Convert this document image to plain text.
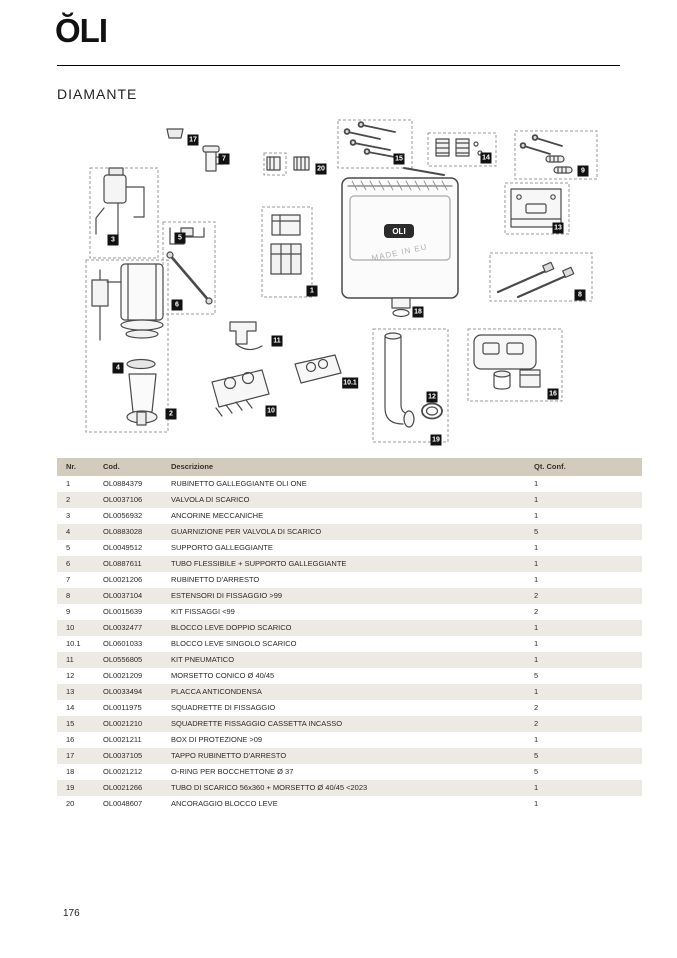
ŎLI
DIAMANTE
OLI
MADE IN EU
17
7
20
15	14
9
3	5
13
1
6
8
18
11
4
10.1
16
12
10
2
19
Nr.	Cod.	Descrizione	Qt. Conf.
1	OL0884379	RUBINETTO GALLEGGIANTE OLI ONE	1
2	OL0037106	VALVOLA DI SCARICO	1
3	OL0056932	ANCORINE MECCANICHE	1
4	OL0883028	GUARNIZIONE PER VALVOLA DI SCARICO	5
5	OL0049512	SUPPORTO GALLEGGIANTE	1
6	OL0887611	TUBO FLESSIBILE + SUPPORTO GALLEGGIANTE	1
7	OL0021206	RUBINETTO D'ARRESTO	1
8	OL0037104	ESTENSORI DI FISSAGGIO >99	2
9	OL0015639	KIT FISSAGGI <99	2
10	OL0032477	BLOCCO LEVE DOPPIO SCARICO	1
10.1	OL0601033	BLOCCO LEVE SINGOLO SCARICO	1
11	OL0556805	KIT PNEUMATICO	1
12	OL0021209	MORSETTO CONICO Ø 40/45	5
13	OL0033494	PLACCA ANTICONDENSA	1
14	OL0011975	SQUADRETTE DI FISSAGGIO	2
15	OL0021210	SQUADRETTE FISSAGGIO CASSETTA INCASSO	2
16	OL0021211	BOX DI PROTEZIONE >09	1
17	OL0037105	TAPPO RUBINETTO D'ARRESTO	5
18	OL0021212	O-RING PER BOCCHETTONE Ø 37	5
19	OL0021266	TUBO DI SCARICO 56x360 + MORSETTO Ø 40/45 <2023	1
20	OL0048607	ANCORAGGIO BLOCCO LEVE	1
176
